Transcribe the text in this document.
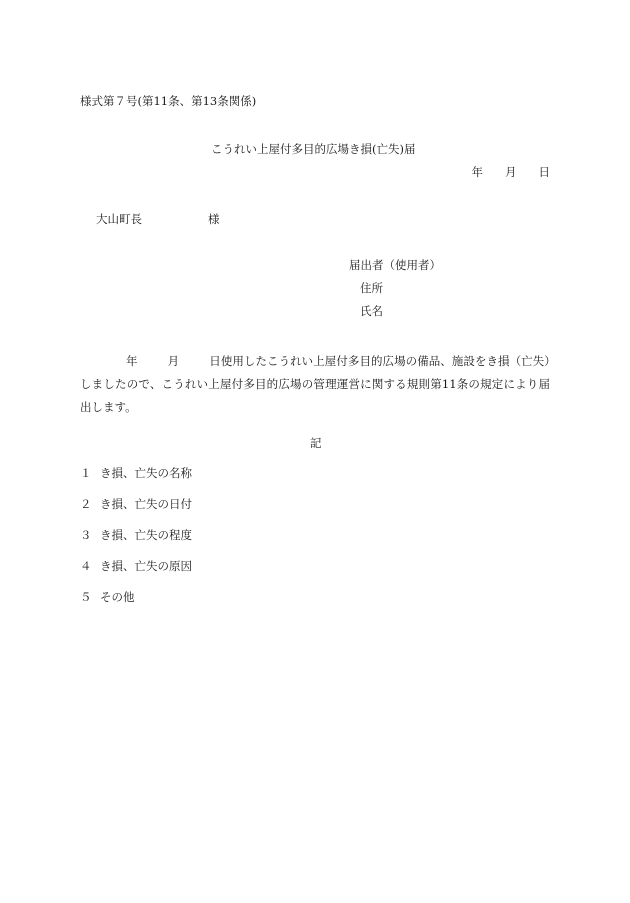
様式第７号(第11条、第13条関係)
こうれい上屋付多目的広場き損(亡失)届
年 月 日
大山町長	様
届出者（使用者）
住所
氏名
年	月	日使用したこうれい上屋付多目的広場の備品、施設をき損（亡失）しましたので、こうれい上屋付多目的広場の管理運営に関する規則第11条の規定により届出します。
記
１ き損、亡失の名称
２ き損、亡失の日付
３ き損、亡失の程度
４ き損、亡失の原因
５ その他
